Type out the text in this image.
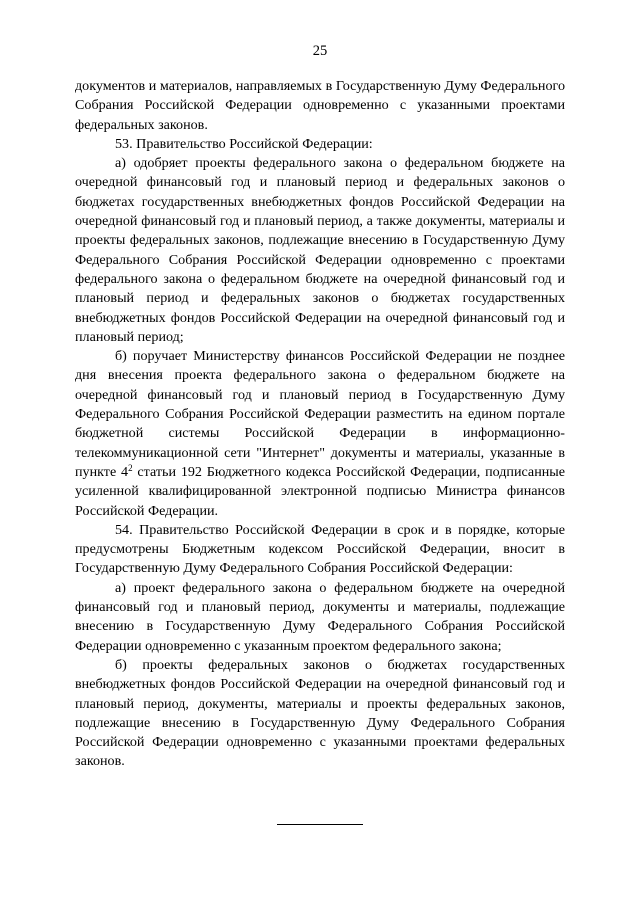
25

документов и материалов, направляемых в Государственную Думу Федерального Собрания Российской Федерации одновременно с указанными проектами федеральных законов.

53. Правительство Российской Федерации:

а) одобряет проекты федерального закона о федеральном бюджете на очередной финансовый год и плановый период и федеральных законов о бюджетах государственных внебюджетных фондов Российской Федерации на очередной финансовый год и плановый период, а также документы, материалы и проекты федеральных законов, подлежащие внесению в Государственную Думу Федерального Собрания Российской Федерации одновременно с проектами федерального закона о федеральном бюджете на очередной финансовый год и плановый период и федеральных законов о бюджетах государственных внебюджетных фондов Российской Федерации на очередной финансовый год и плановый период;

б) поручает Министерству финансов Российской Федерации не позднее дня внесения проекта федерального закона о федеральном бюджете на очередной финансовый год и плановый период в Государственную Думу Федерального Собрания Российской Федерации разместить на едином портале бюджетной системы Российской Федерации в информационно-телекоммуникационной сети "Интернет" документы и материалы, указанные в пункте $4^2$ статьи 192 Бюджетного кодекса Российской Федерации, подписанные усиленной квалифицированной электронной подписью Министра финансов Российской Федерации.

54. Правительство Российской Федерации в срок и в порядке, которые предусмотрены Бюджетным кодексом Российской Федерации, вносит в Государственную Думу Федерального Собрания Российской Федерации:

а) проект федерального закона о федеральном бюджете на очередной финансовый год и плановый период, документы и материалы, подлежащие внесению в Государственную Думу Федерального Собрания Российской Федерации одновременно с указанным проектом федерального закона;

б) проекты федеральных законов о бюджетах государственных внебюджетных фондов Российской Федерации на очередной финансовый год и плановый период, документы, материалы и проекты федеральных законов, подлежащие внесению в Государственную Думу Федерального Собрания Российской Федерации одновременно с указанными проектами федеральных законов.
